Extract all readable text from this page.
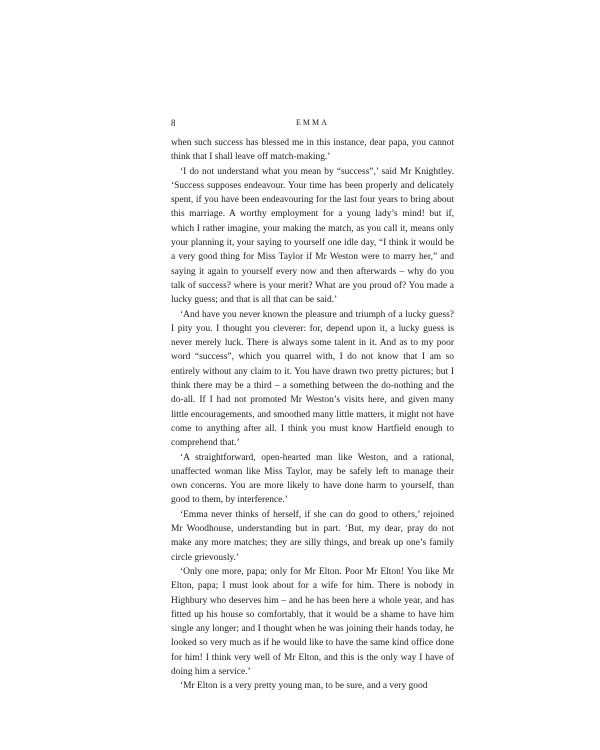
8	EMMA

when such success has blessed me in this instance, dear papa, you cannot think that I shall leave off match-making.’

‘I do not understand what you mean by “success”,’ said Mr Knightley. ‘Success supposes endeavour. Your time has been properly and delicately spent, if you have been endeavouring for the last four years to bring about this marriage. A worthy employment for a young lady’s mind! but if, which I rather imagine, your making the match, as you call it, means only your planning it, your saying to yourself one idle day, “I think it would be a very good thing for Miss Taylor if Mr Weston were to marry her,” and saying it again to yourself every now and then afterwards – why do you talk of success? where is your merit? What are you proud of? You made a lucky guess; and that is all that can be said.’

‘And have you never known the pleasure and triumph of a lucky guess? I pity you. I thought you cleverer: for, depend upon it, a lucky guess is never merely luck. There is always some talent in it. And as to my poor word “success”, which you quarrel with, I do not know that I am so entirely without any claim to it. You have drawn two pretty pictures; but I think there may be a third – a something between the do-nothing and the do-all. If I had not promoted Mr Weston’s visits here, and given many little encouragements, and smoothed many little matters, it might not have come to anything after all. I think you must know Hartfield enough to comprehend that.’

‘A straightforward, open-hearted man like Weston, and a rational, unaffected woman like Miss Taylor, may be safely left to manage their own concerns. You are more likely to have done harm to yourself, than good to them, by interference.’

‘Emma never thinks of herself, if she can do good to others,’ rejoined Mr Woodhouse, understanding but in part. ‘But, my dear, pray do not make any more matches; they are silly things, and break up one’s family circle grievously.’

‘Only one more, papa; only for Mr Elton. Poor Mr Elton! You like Mr Elton, papa; I must look about for a wife for him. There is nobody in Highbury who deserves him – and he has been here a whole year, and has fitted up his house so comfortably, that it would be a shame to have him single any longer; and I thought when he was joining their hands today, he looked so very much as if he would like to have the same kind office done for him! I think very well of Mr Elton, and this is the only way I have of doing him a service.’

‘Mr Elton is a very pretty young man, to be sure, and a very good
